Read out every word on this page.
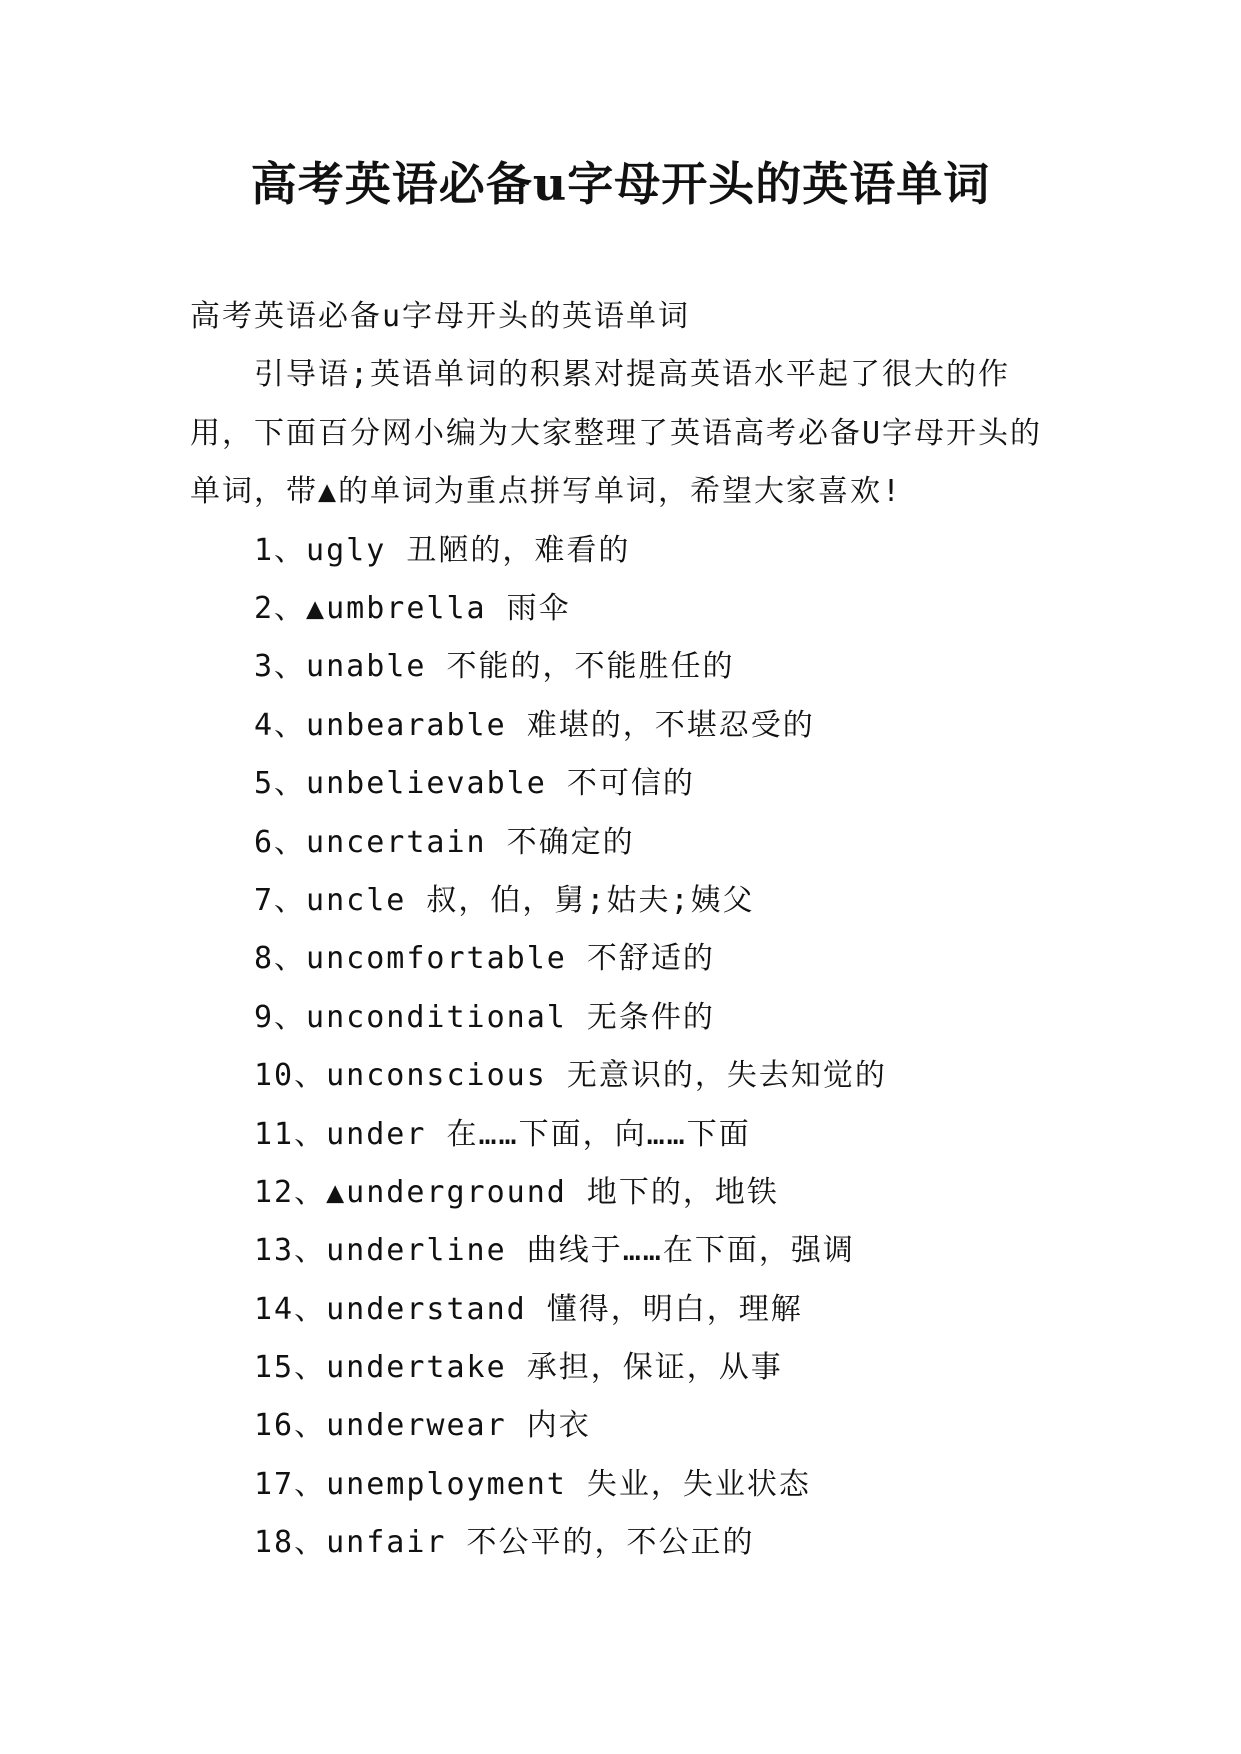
高考英语必备u字母开头的英语单词

高考英语必备u字母开头的英语单词

引导语;英语单词的积累对提高英语水平起了很大的作用，下面百分网小编为大家整理了英语高考必备U字母开头的单词，带▲的单词为重点拼写单词，希望大家喜欢!

1、ugly 丑陋的，难看的

2、▲umbrella 雨伞

3、unable 不能的，不能胜任的

4、unbearable 难堪的，不堪忍受的

5、unbelievable 不可信的

6、uncertain 不确定的

7、uncle 叔，伯，舅;姑夫;姨父

8、uncomfortable 不舒适的

9、unconditional 无条件的

10、unconscious 无意识的，失去知觉的

11、under 在……下面，向……下面

12、▲underground 地下的，地铁

13、underline 曲线于……在下面，强调

14、understand 懂得，明白，理解

15、undertake 承担，保证，从事

16、underwear 内衣

17、unemployment 失业，失业状态

18、unfair 不公平的，不公正的
